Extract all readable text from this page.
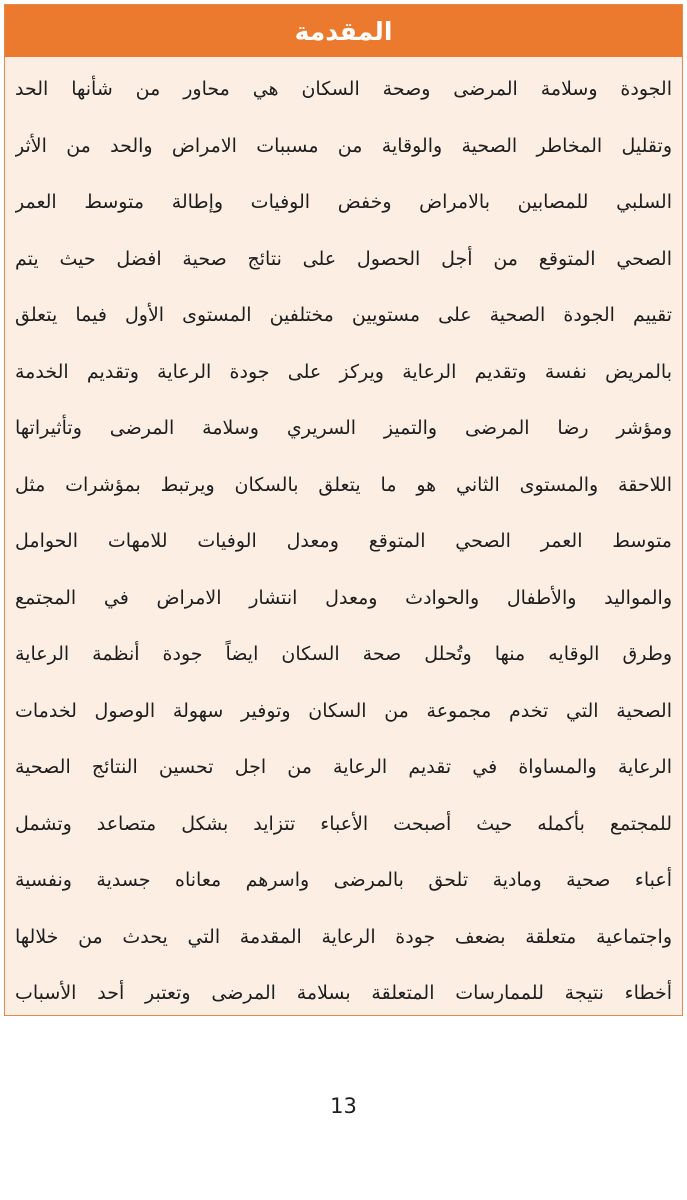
المقدمة
الجودة وسلامة المرضى وصحة السكان هي محاور من شأنها الحد
وتقليل المخاطر الصحية والوقاية من مسببات الامراض والحد من الأثر
السلبي للمصابين بالامراض وخفض الوفيات وإطالة متوسط العمر
الصحي المتوقع من أجل الحصول على نتائج صحية افضل حيث يتم
تقييم الجودة الصحية على مستويين مختلفين المستوى الأول فيما يتعلق
بالمريض نفسة وتقديم الرعاية ويركز على جودة الرعاية وتقديم الخدمة
ومؤشر رضا المرضى والتميز السريري وسلامة المرضى وتأثيراتها
اللاحقة والمستوى الثاني هو ما يتعلق بالسكان ويرتبط بمؤشرات مثل
متوسط العمر الصحي المتوقع ومعدل الوفيات للامهات الحوامل
والمواليد والأطفال والحوادث ومعدل انتشار الامراض في المجتمع
وطرق الوقايه منها وتُحلل صحة السكان ايضاً جودة أنظمة الرعاية
الصحية التي تخدم مجموعة من السكان وتوفير سهولة الوصول لخدمات
الرعاية والمساواة في تقديم الرعاية من اجل تحسين النتائج الصحية
للمجتمع بأكمله حيث أصبحت الأعباء تتزايد بشكل متصاعد وتشمل
أعباء صحية ومادية تلحق بالمرضى واسرهم معاناه جسدية ونفسية
واجتماعية متعلقة بضعف جودة الرعاية المقدمة التي يحدث من خلالها
أخطاء نتيجة للممارسات المتعلقة بسلامة المرضى وتعتبر أحد الأسباب
13
